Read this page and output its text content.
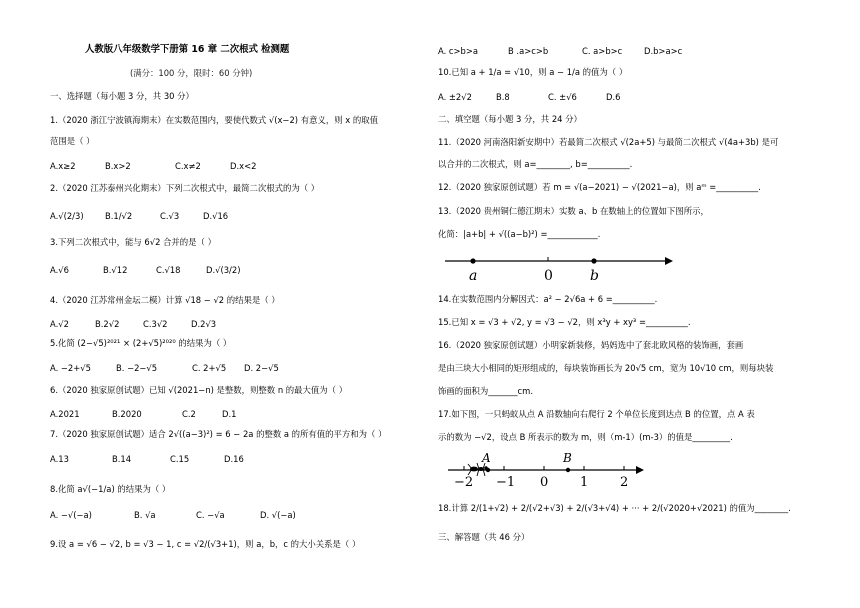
人教版八年级数学下册第 16 章 二次根式 检测题
(满分：100 分，限时：60 分钟)
一、选择题（每小题 3 分，共 30 分）
1.（2020 浙江宁波镇海期末）在实数范围内，要使代数式 √(x−2) 有意义，则 x 的取值
范围是（ ）
A.x≥2	B.x>2	C.x≠2	D.x<2
2.（2020 江苏泰州兴化期末）下列二次根式中，最简二次根式的为（ ）
A.√(2/3)	B.1/√2	C.√3	D.√16
3.下列二次根式中，能与 6√2 合并的是（ ）
A.√6	B.√12	C.√18	D.√(3/2)
4.（2020 江苏常州金坛二模）计算 √18 − √2 的结果是（ ）
A.√2	B.2√2	C.3√2	D.2√3
5.化简 (2−√5)²⁰²¹ × (2+√5)²⁰²⁰ 的结果为（ ）
A. −2+√5	B. −2−√5	C. 2+√5 D. 2−√5
6.（2020 独家原创试题）已知 √(2021−n) 是整数，则整数 n 的最大值为（ ）
A.2021	B.2020	C.2	D.1
7.（2020 独家原创试题）适合 2√((a−3)²) = 6 − 2a 的整数 a 的所有值的平方和为（ ）
A.13	B.14	C.15	D.16
8.化简 a√(−1/a) 的结果为（ ）
A. −√(−a)	B. √a	C. −√a	D. √(−a)
9.设 a = √6 − √2, b = √3 − 1, c = √2/(√3+1)，则 a，b，c 的大小关系是（ ）
A. c>b>a	B .a>c>b	C. a>b>c	D.b>a>c
10.已知 a + 1/a = √10，则 a − 1/a 的值为（ ）
A. ±2√2	B.8	C. ±√6	D.6
二、填空题（每小题 3 分，共 24 分）
11.（2020 河南洛阳新安期中）若最简二次根式 √(2a+5) 与最简二次根式 √(4a+3b) 是可
以合并的二次根式，则 a=________, b=__________.
12.（2020 独家原创试题）若 m = √(a−2021) − √(2021−a)，则 aᵐ =__________.
13.（2020 贵州铜仁德江期末）实数 a、b 在数轴上的位置如下图所示，
化简：|a+b| + √((a−b)²) =____________.
a	0	b
14.在实数范围内分解因式：a² − 2√6a + 6 =__________.
15.已知 x = √3 + √2, y = √3 − √2，则 x³y + xy³ =__________.
16.（2020 独家原创试题）小明家新装修，妈妈选中了套北欧风格的装饰画，套画
是由三块大小相同的矩形组成的，每块装饰画长为 20√5 cm，宽为 10√10 cm，则每块装
饰画的面积为_______cm.
17.如下图，一只蚂蚁从点 A 沿数轴向右爬行 2 个单位长度到达点 B 的位置，点 A 表
示的数为 −√2，设点 B 所表示的数为 m，则（m-1）(m-3）的值是_________.
A	B
−2 −1 0 1 2
18.计算 2/(1+√2) + 2/(√2+√3) + 2/(√3+√4) + ··· + 2/(√2020+√2021) 的值为________.
三、解答题（共 46 分）
